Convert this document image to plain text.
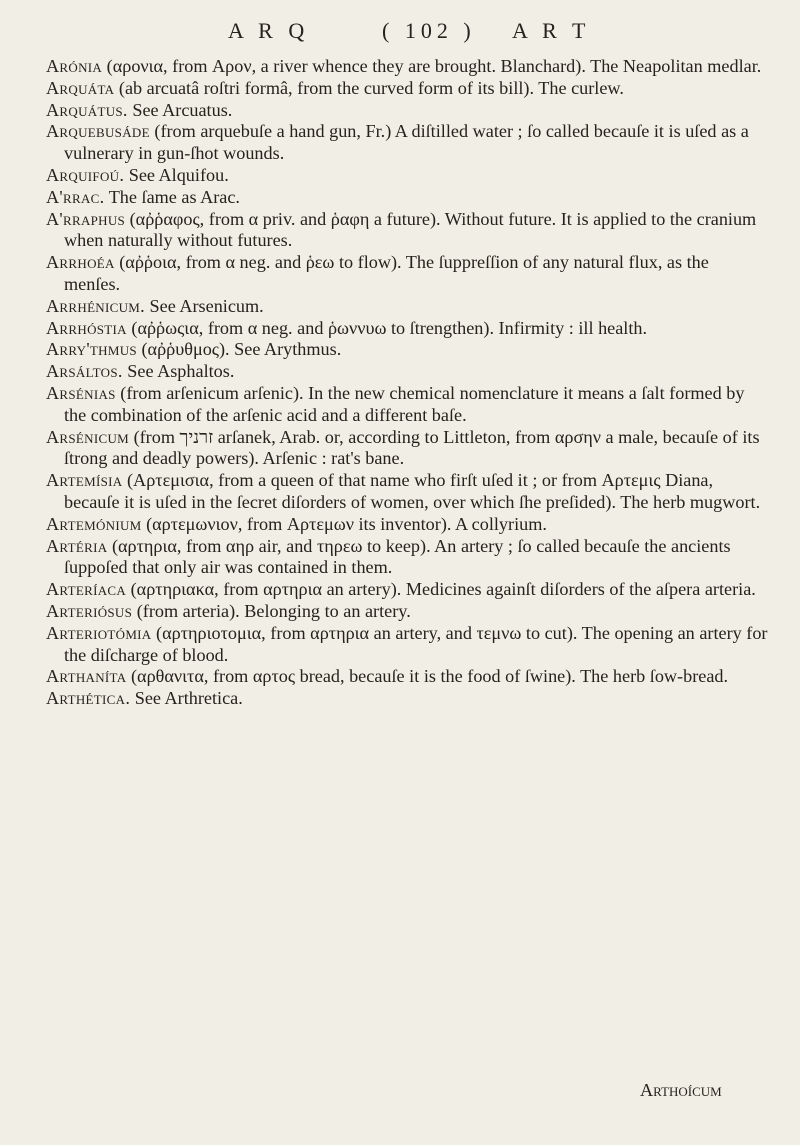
A R Q	( 102 ) A R T

Arónia (αρονια, from Αρον, a river whence they are brought. Blanchard). The Neapolitan medlar.

Arquáta (ab arcuatâ roſtri formâ, from the curved form of its bill). The curlew.

Arquátus. See Arcuatus.

Arquebusáde (from arquebuſe a hand gun, Fr.) A diſtilled water ; ſo called becauſe it is uſed as a vulnerary in gun-ſhot wounds.

Arquifoú. See Alquifou.

A'rrac. The ſame as Arac.

A'rraphus (αῤῥαφος, from α priv. and ῥαφη a future). Without future. It is applied to the cranium when naturally without futures.

Arrhoéa (αῤῥοια, from α neg. and ῥεω to flow). The ſuppreſſion of any natural flux, as the menſes.

Arrhénicum. See Arsenicum.

Arrhóstia (αῤῥωςια, from α neg. and ῥωννυω to ſtrengthen). Infirmity : ill health.

Arry'thmus (αῤῥυθμος). See Arythmus.

Arsáltos. See Asphaltos.

Arsénias (from arſenicum arſenic). In the new chemical nomenclature it means a ſalt formed by the combination of the arſenic acid and a different baſe.

Arsénicum (from זרניך arſanek, Arab. or, according to Littleton, from αρσην a male, becauſe of its ſtrong and deadly powers). Arſenic : rat's bane.

Artemísia (Αρτεμισια, from a queen of that name who firſt uſed it ; or from Αρτεμις Diana, becauſe it is uſed in the ſecret diſorders of women, over which ſhe preſided). The herb mugwort.

Artemónium (αρτεμωνιον, from Αρτεμων its inventor). A collyrium.

Artéria (αρτηρια, from αηρ air, and τηρεω to keep). An artery ; ſo called becauſe the ancients ſuppoſed that only air was contained in them.

Arteríaca (αρτηριακα, from αρτηρια an artery). Medicines againſt diſorders of the aſpera arteria.

Arteriósus (from arteria). Belonging to an artery.

Arteriotómia (αρτηριοτομια, from αρτηρια an artery, and τεμνω to cut). The opening an artery for the diſcharge of blood.

Arthaníta (αρθανιτα, from αρτος bread, becauſe it is the food of ſwine). The herb ſow-bread.

Arthética. See Arthretica.

Arthoícum
